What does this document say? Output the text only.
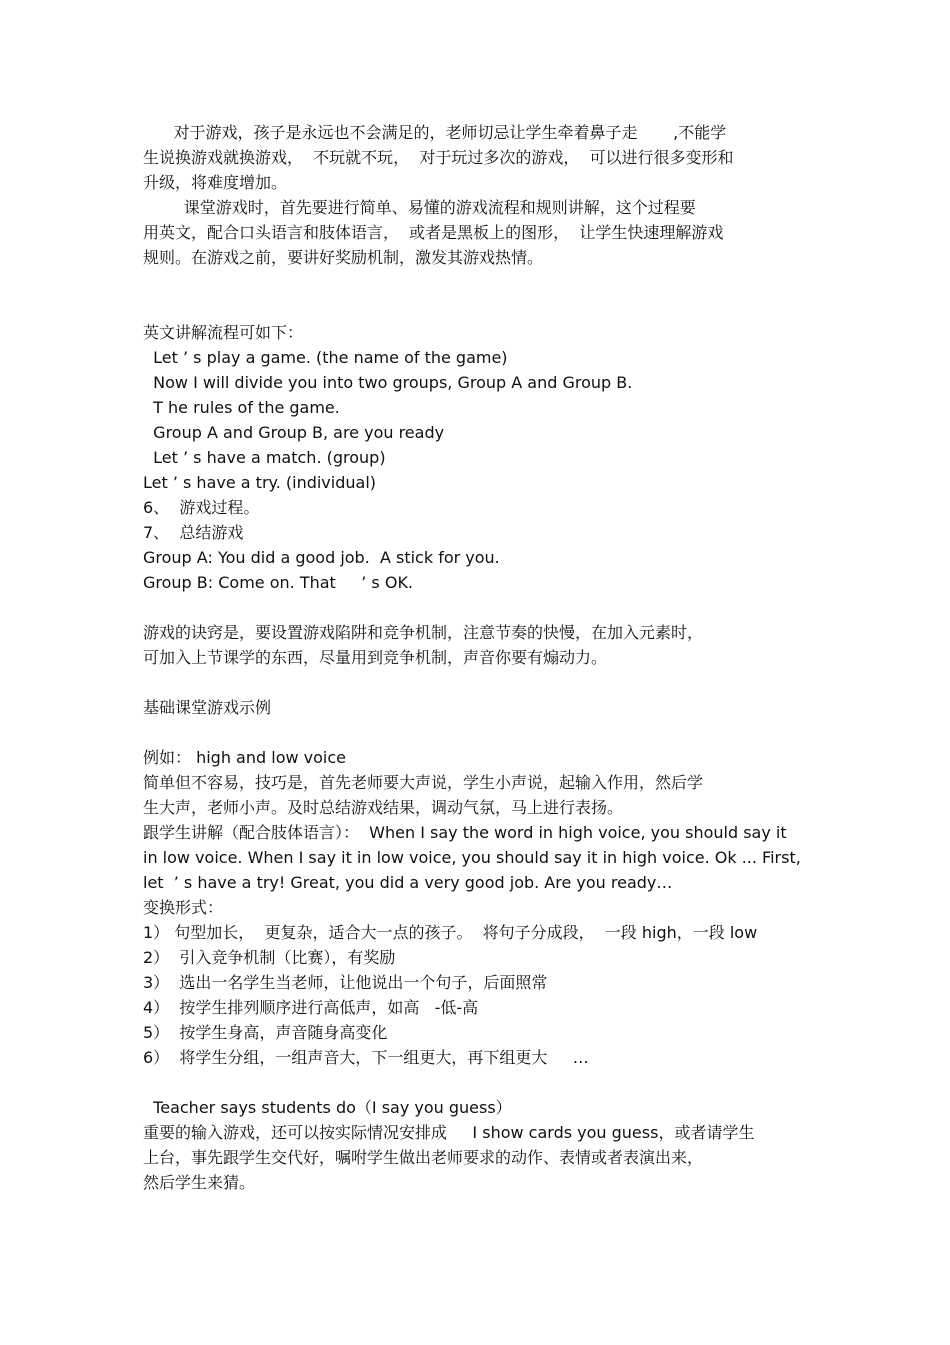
对于游戏，孩子是永远也不会满足的，老师切忌让学生牵着鼻子走       ,不能学
生说换游戏就换游戏，  不玩就不玩，  对于玩过多次的游戏，  可以进行很多变形和
升级，将难度增加。
课堂游戏时，首先要进行简单、易懂的游戏流程和规则讲解，这个过程要
用英文，配合口头语言和肢体语言，  或者是黑板上的图形，  让学生快速理解游戏
规则。在游戏之前，要讲好奖励机制，激发其游戏热情。
英文讲解流程可如下：
Let ’ s play a game. (the name of the game)
Now I will divide you into two groups, Group A and Group B.
T he rules of the game.
Group A and Group B, are you ready
Let ’ s have a match. (group)
Let ’ s have a try. (individual)
6、  游戏过程。
7、  总结游戏
Group A: You did a good job.  A stick for you.
Group B: Come on. That     ’ s OK.
游戏的诀窍是，要设置游戏陷阱和竞争机制，注意节奏的快慢，在加入元素时，
可加入上节课学的东西，尽量用到竞争机制，声音你要有煽动力。
基础课堂游戏示例
例如： high and low voice
简单但不容易，技巧是，首先老师要大声说，学生小声说，起输入作用，然后学
生大声，老师小声。及时总结游戏结果，调动气氛，马上进行表扬。
跟学生讲解（配合肢体语言）：  When I say the word in high voice, you should say it
in low voice. When I say it in low voice, you should say it in high voice. Ok ... First,
let  ’ s have a try! Great, you did a very good job. Are you ready…
变换形式：
1） 句型加长，  更复杂，适合大一点的孩子。  将句子分成段，  一段 high，一段 low
2）  引入竞争机制（比赛），有奖励
3）  选出一名学生当老师，让他说出一个句子，后面照常
4）  按学生排列顺序进行高低声，如高   -低-高
5）  按学生身高，声音随身高变化
6）  将学生分组，一组声音大，下一组更大，再下组更大     …
Teacher says students do（I say you guess）
重要的输入游戏，还可以按实际情况安排成     I show cards you guess，或者请学生
上台，事先跟学生交代好，嘱咐学生做出老师要求的动作、表情或者表演出来，
然后学生来猜。
